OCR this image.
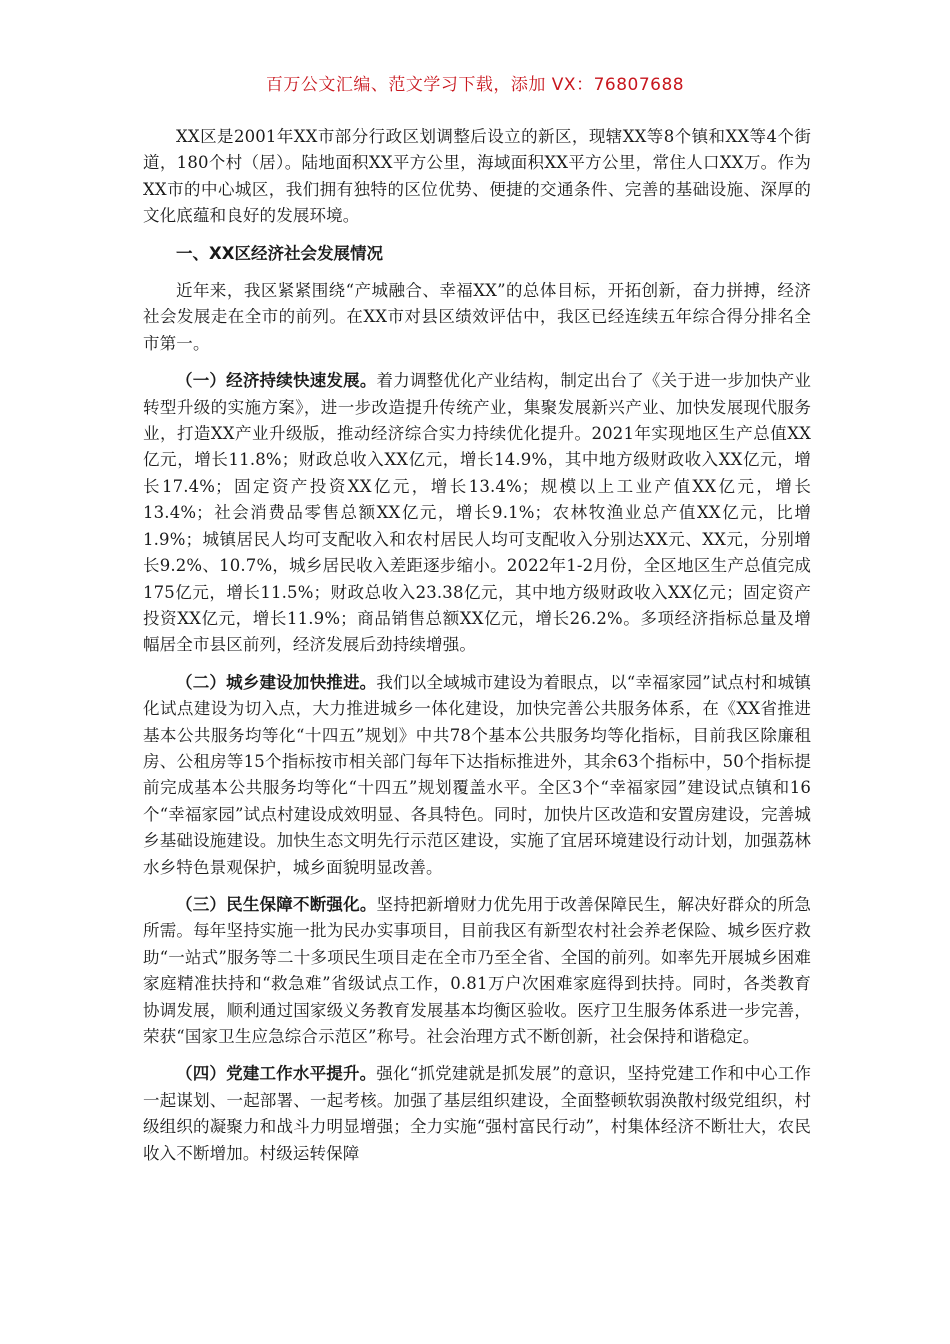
百万公文汇编、范文学习下载，添加 VX：76807688

XX区是2001年XX市部分行政区划调整后设立的新区，现辖XX等8个镇和XX等4个街道，180个村（居）。陆地面积XX平方公里，海域面积XX平方公里，常住人口XX万。作为XX市的中心城区，我们拥有独特的区位优势、便捷的交通条件、完善的基础设施、深厚的文化底蕴和良好的发展环境。

一、XX区经济社会发展情况

近年来，我区紧紧围绕“产城融合、幸福XX”的总体目标，开拓创新，奋力拼搏，经济社会发展走在全市的前列。在XX市对县区绩效评估中，我区已经连续五年综合得分排名全市第一。

（一）经济持续快速发展。着力调整优化产业结构，制定出台了《关于进一步加快产业转型升级的实施方案》，进一步改造提升传统产业，集聚发展新兴产业、加快发展现代服务业，打造XX产业升级版，推动经济综合实力持续优化提升。2021年实现地区生产总值XX亿元，增长11.8%；财政总收入XX亿元，增长14.9%，其中地方级财政收入XX亿元，增长17.4%；固定资产投资XX亿元，增长13.4%；规模以上工业产值XX亿元，增长13.4%；社会消费品零售总额XX亿元，增长9.1%；农林牧渔业总产值XX亿元，比增1.9%；城镇居民人均可支配收入和农村居民人均可支配收入分别达XX元、XX元，分别增长9.2%、10.7%，城乡居民收入差距逐步缩小。2022年1-2月份，全区地区生产总值完成175亿元，增长11.5%；财政总收入23.38亿元，其中地方级财政收入XX亿元；固定资产投资XX亿元，增长11.9%；商品销售总额XX亿元，增长26.2%。多项经济指标总量及增幅居全市县区前列，经济发展后劲持续增强。

（二）城乡建设加快推进。我们以全域城市建设为着眼点，以“幸福家园”试点村和城镇化试点建设为切入点，大力推进城乡一体化建设，加快完善公共服务体系，在《XX省推进基本公共服务均等化“十四五”规划》中共78个基本公共服务均等化指标，目前我区除廉租房、公租房等15个指标按市相关部门每年下达指标推进外，其余63个指标中，50个指标提前完成基本公共服务均等化“十四五”规划覆盖水平。全区3个“幸福家园”建设试点镇和16个“幸福家园”试点村建设成效明显、各具特色。同时，加快片区改造和安置房建设，完善城乡基础设施建设。加快生态文明先行示范区建设，实施了宜居环境建设行动计划，加强荔林水乡特色景观保护，城乡面貌明显改善。

（三）民生保障不断强化。坚持把新增财力优先用于改善保障民生，解决好群众的所急所需。每年坚持实施一批为民办实事项目，目前我区有新型农村社会养老保险、城乡医疗救助“一站式”服务等二十多项民生项目走在全市乃至全省、全国的前列。如率先开展城乡困难家庭精准扶持和“救急难”省级试点工作，0.81万户次困难家庭得到扶持。同时，各类教育协调发展，顺利通过国家级义务教育发展基本均衡区验收。医疗卫生服务体系进一步完善，荣获“国家卫生应急综合示范区”称号。社会治理方式不断创新，社会保持和谐稳定。

（四）党建工作水平提升。强化“抓党建就是抓发展”的意识，坚持党建工作和中心工作一起谋划、一起部署、一起考核。加强了基层组织建设，全面整顿软弱涣散村级党组织，村级组织的凝聚力和战斗力明显增强；全力实施“强村富民行动”，村集体经济不断壮大，农民收入不断增加。村级运转保障
